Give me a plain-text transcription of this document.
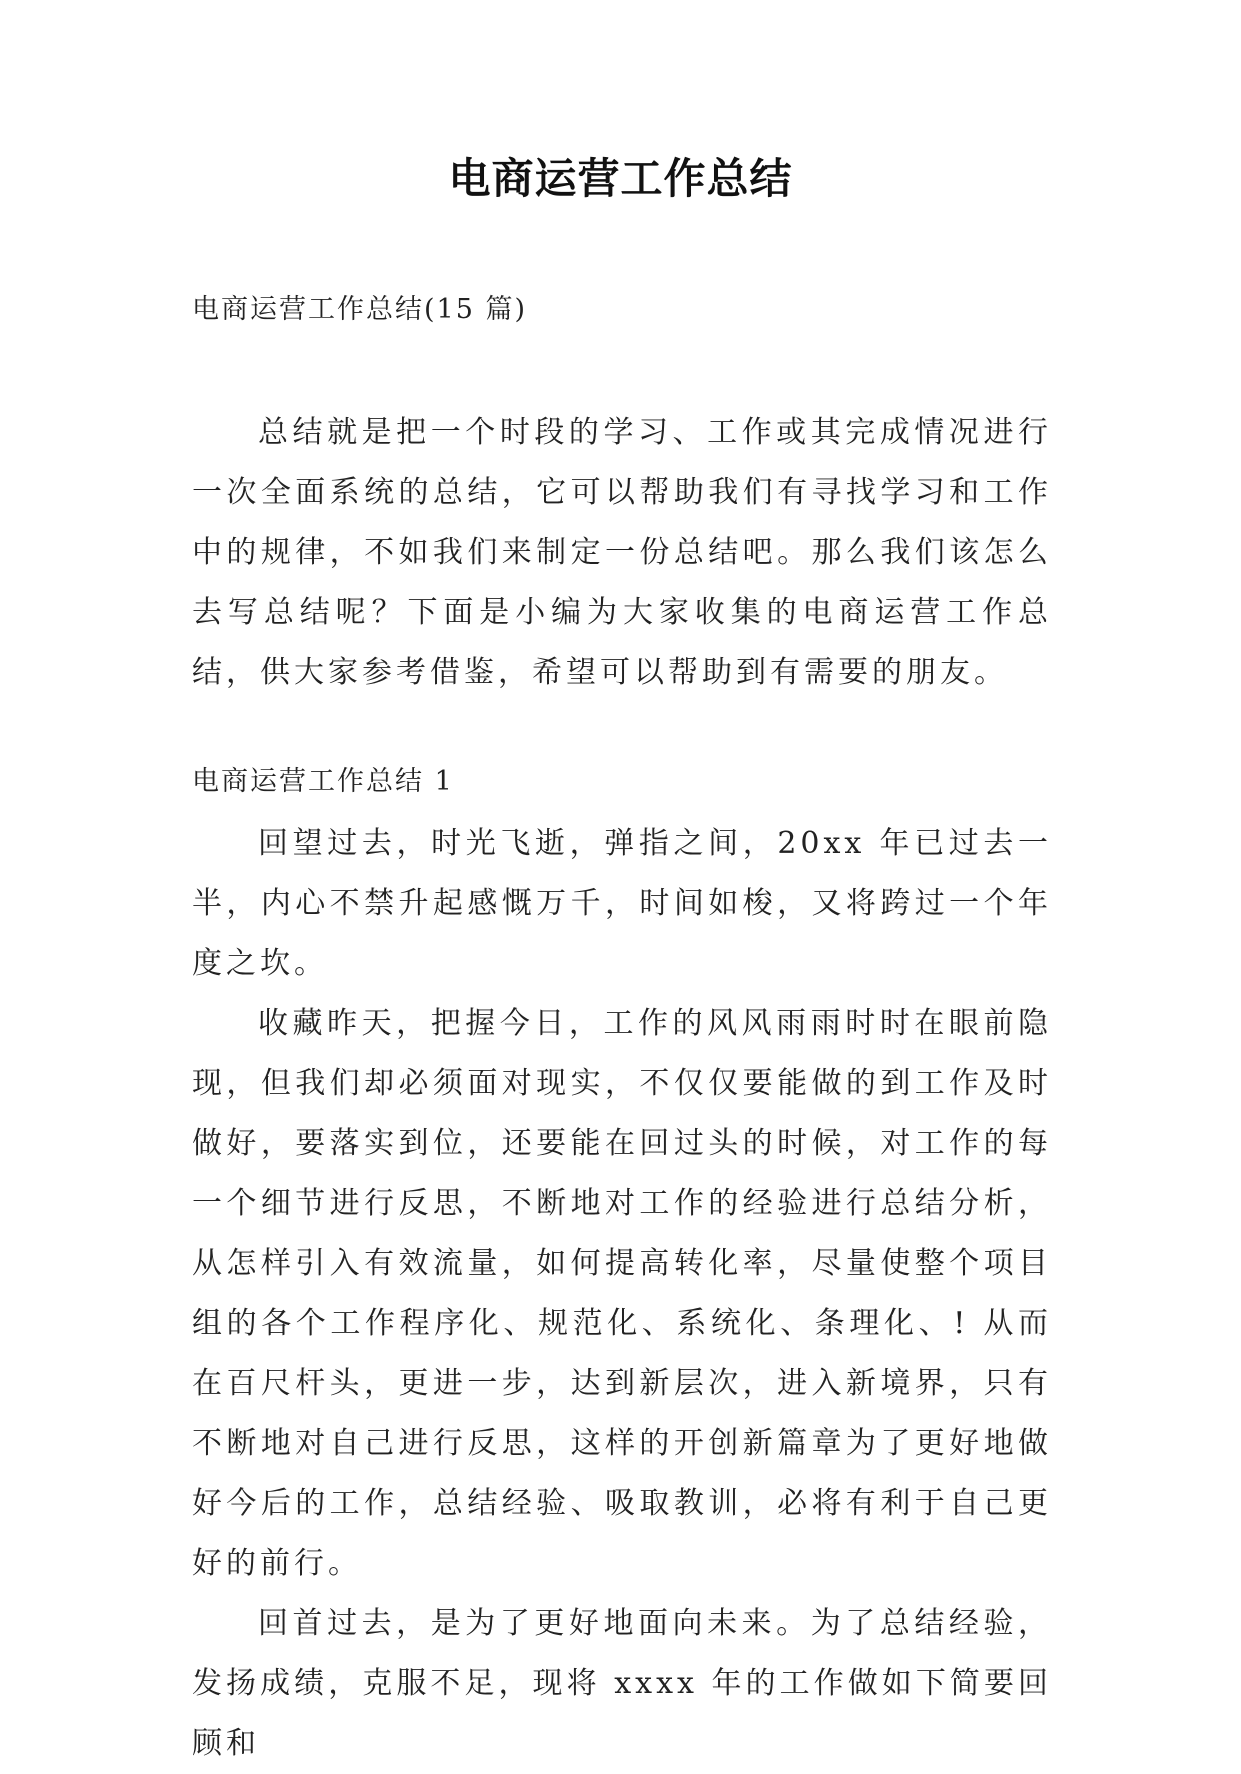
电商运营工作总结
电商运营工作总结(15 篇)
总结就是把一个时段的学习、工作或其完成情况进行一次全面系统的总结，它可以帮助我们有寻找学习和工作中的规律，不如我们来制定一份总结吧。那么我们该怎么去写总结呢？下面是小编为大家收集的电商运营工作总结，供大家参考借鉴，希望可以帮助到有需要的朋友。
电商运营工作总结 1

回望过去，时光飞逝，弹指之间，20xx 年已过去一半，内心不禁升起感慨万千，时间如梭，又将跨过一个年度之坎。

收藏昨天，把握今日，工作的风风雨雨时时在眼前隐现，但我们却必须面对现实，不仅仅要能做的到工作及时做好，要落实到位，还要能在回过头的时候，对工作的每一个细节进行反思，不断地对工作的经验进行总结分析，从怎样引入有效流量，如何提高转化率，尽量使整个项目组的各个工作程序化、规范化、系统化、条理化、! 从而在百尺杆头，更进一步，达到新层次，进入新境界，只有不断地对自己进行反思，这样的开创新篇章为了更好地做好今后的工作，总结经验、吸取教训，必将有利于自己更好的前行。

回首过去，是为了更好地面向未来。为了总结经验，发扬成绩，克服不足，现将 xxxx 年的工作做如下简要回顾和
